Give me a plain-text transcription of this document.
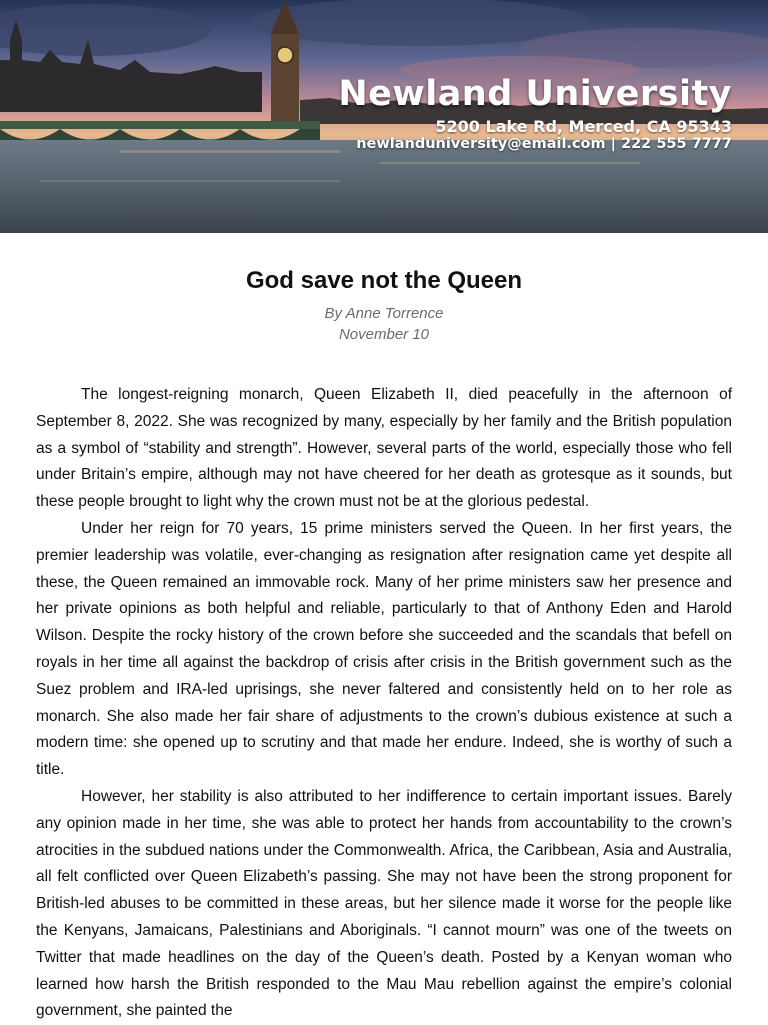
Newland University
5200 Lake Rd, Merced, CA 95343
newlanduniversity@email.com | 222 555 7777
God save not the Queen
By Anne Torrence
November 10

The longest-reigning monarch, Queen Elizabeth II, died peacefully in the afternoon of September 8, 2022. She was recognized by many, especially by her family and the British population as a symbol of “stability and strength”. However, several parts of the world, especially those who fell under Britain’s empire, although may not have cheered for her death as grotesque as it sounds, but these people brought to light why the crown must not be at the glorious pedestal.

Under her reign for 70 years, 15 prime ministers served the Queen. In her first years, the premier leadership was volatile, ever-changing as resignation after resignation came yet despite all these, the Queen remained an immovable rock. Many of her prime ministers saw her presence and her private opinions as both helpful and reliable, particularly to that of Anthony Eden and Harold Wilson. Despite the rocky history of the crown before she succeeded and the scandals that befell on royals in her time all against the backdrop of crisis after crisis in the British government such as the Suez problem and IRA-led uprisings, she never faltered and consistently held on to her role as monarch. She also made her fair share of adjustments to the crown’s dubious existence at such a modern time: she opened up to scrutiny and that made her endure. Indeed, she is worthy of such a title.

However, her stability is also attributed to her indifference to certain important issues. Barely any opinion made in her time, she was able to protect her hands from accountability to the crown’s atrocities in the subdued nations under the Commonwealth. Africa, the Caribbean, Asia and Australia, all felt conflicted over Queen Elizabeth’s passing. She may not have been the strong proponent for British-led abuses to be committed in these areas, but her silence made it worse for the people like the Kenyans, Jamaicans, Palestinians and Aboriginals. “I cannot mourn” was one of the tweets on Twitter that made headlines on the day of the Queen’s death. Posted by a Kenyan woman who learned how harsh the British responded to the Mau Mau rebellion against the empire’s colonial government, she painted the
